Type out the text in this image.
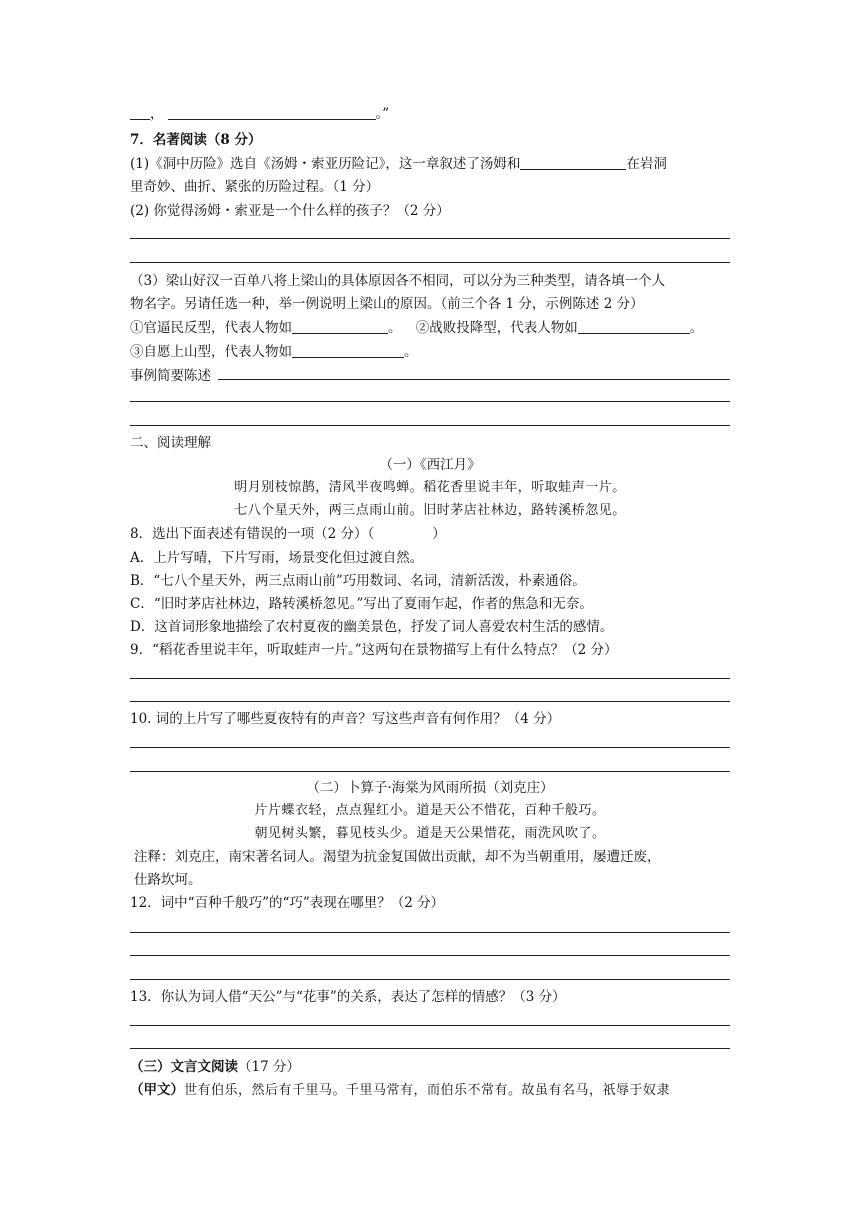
，	。”
7．名著阅读（8 分）
(1)《洞中历险》选自《汤姆・索亚历险记》，这一章叙述了汤姆和	在岩洞
里奇妙、曲折、紧张的历险过程。（1 分）
(2) 你觉得汤姆・索亚是一个什么样的孩子？（2 分）
（3）梁山好汉一百单八将上梁山的具体原因各不相同，可以分为三种类型，请各填一个人
物名字。另请任选一种，举一例说明上梁山的原因。（前三个各 1 分，示例陈述 2 分）
①官逼民反型，代表人物如	。 ②战败投降型，代表人物如	。
③自愿上山型，代表人物如	。
事例简要陈述
二、阅读理解
（一）《西江月》
明月别枝惊鹊，清风半夜鸣蝉。稻花香里说丰年，听取蛙声一片。
七八个星天外，两三点雨山前。旧时茅店社林边，路转溪桥忽见。
8．选出下面表述有错误的一项（2 分）（	）
A．上片写晴，下片写雨，场景变化但过渡自然。
B．“七八个星天外，两三点雨山前”巧用数词、名词，清新活泼，朴素通俗。
C．“旧时茅店社林边，路转溪桥忽见。”写出了夏雨乍起，作者的焦急和无奈。
D．这首词形象地描绘了农村夏夜的幽美景色，抒发了词人喜爱农村生活的感情。
9．“稻花香里说丰年，听取蛙声一片。”这两句在景物描写上有什么特点？（2 分）
10. 词的上片写了哪些夏夜特有的声音？写这些声音有何作用？（4 分）
（二）卜算子·海棠为风雨所损（刘克庄）
片片蝶衣轻，点点猩红小。道是天公不惜花，百种千般巧。
朝见树头繁，暮见枝头少。道是天公果惜花，雨洗风吹了。
注释：刘克庄，南宋著名词人。渴望为抗金复国做出贡献，却不为当朝重用，屡遭迁废，
仕路坎坷。
12．词中“百种千般巧”的“巧”表现在哪里？（2 分）
13．你认为词人借“天公”与“花事”的关系，表达了怎样的情感？（3 分）
（三）文言文阅读（17 分）
（甲文）世有伯乐，然后有千里马。千里马常有，而伯乐不常有。故虽有名马，祇辱于奴隶
